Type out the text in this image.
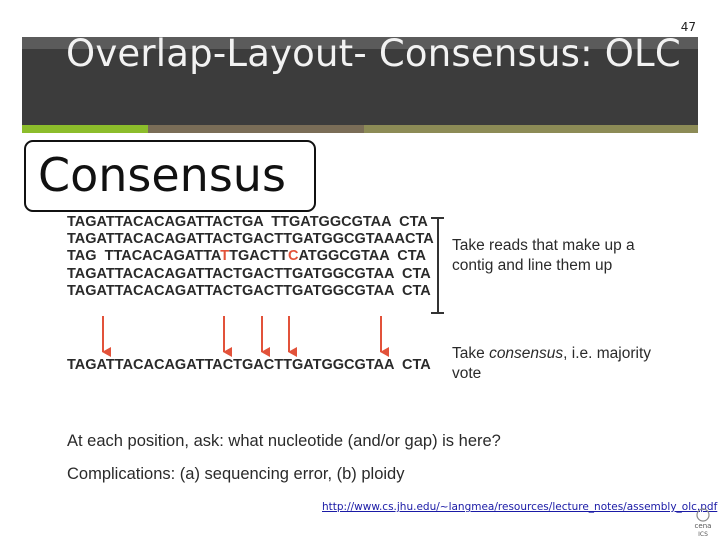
47
Overlap-Layout- Consensus: OLC
Consensus
TAGATTACACAGATTACTGA  TTGATGGCGTAA  CTA
TAGATTACACAGATTACTGACTTGATGGCGTAAACTA
TAG  TTACACAGATTATTGACTTCATGGCGTAA  CTA
TAGATTACACAGATTACTGACTTGATGGCGTAA  CTA
TAGATTACACAGATTACTGACTTGATGGCGTAA  CTA
Take reads that make up a contig and line them up
Take consensus, i.e. majority vote
TAGATTACACAGATTACTGACTTGATGGCGTAA  CTA
At each position, ask: what nucleotide (and/or gap) is here?
Complications: (a) sequencing error, (b) ploidy
http://www.cs.jhu.edu/~langmea/resources/lecture_notes/assembly_olc.pdf
cena
ICS
